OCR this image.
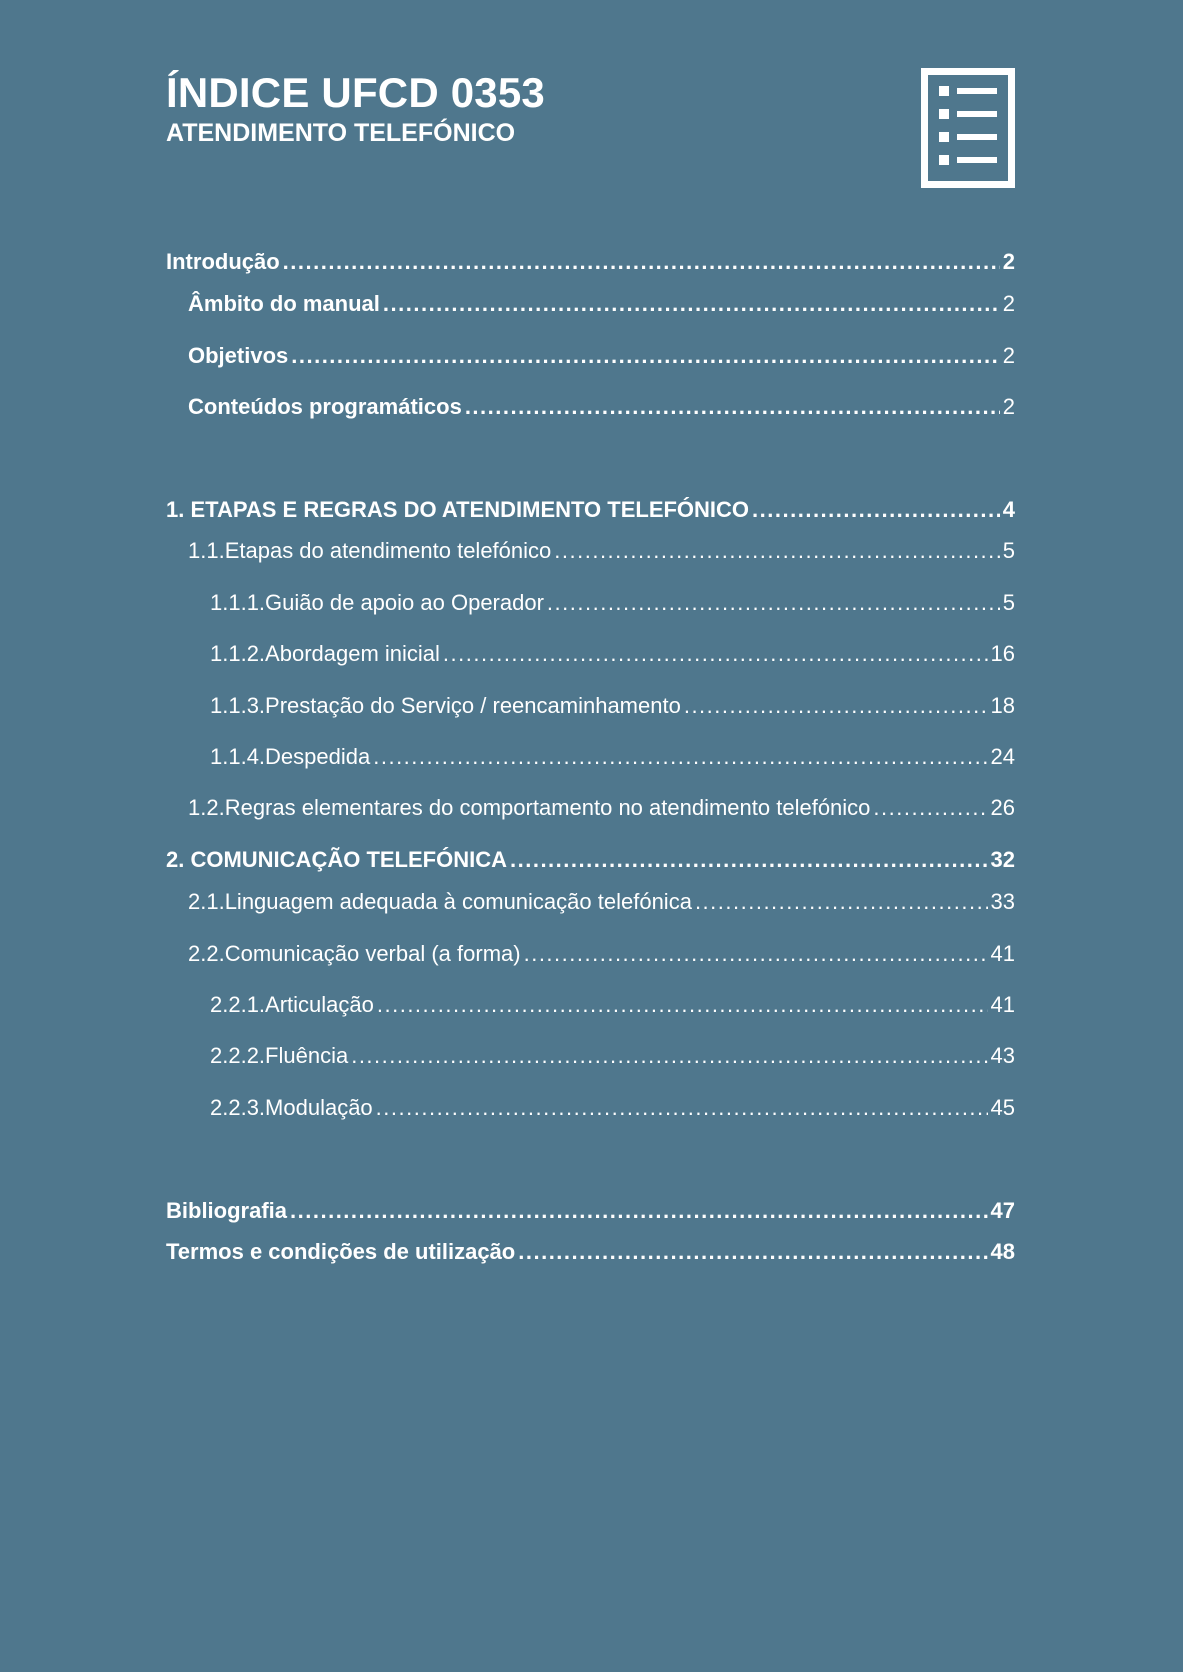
ÍNDICE UFCD 0353
ATENDIMENTO TELEFÓNICO
Introdução .....	2
Âmbito do manual .....	2
Objetivos .....	2
Conteúdos programáticos .....	2
1. ETAPAS E REGRAS DO ATENDIMENTO TELEFÓNICO .....	4
1.1.Etapas do atendimento telefónico .....	5
1.1.1.Guião de apoio ao Operador .....	5
1.1.2.Abordagem inicial .....	16
1.1.3.Prestação do Serviço / reencaminhamento .....	18
1.1.4.Despedida .....	24
1.2.Regras elementares do comportamento no atendimento telefónico .....	26
2. COMUNICAÇÃO TELEFÓNICA .....	32
2.1.Linguagem adequada à comunicação telefónica .....	33
2.2.Comunicação verbal (a forma) .....	41
2.2.1.Articulação .....	41
2.2.2.Fluência .....	43
2.2.3.Modulação .....	45
Bibliografia .....	47
Termos e condições de utilização .....	48
